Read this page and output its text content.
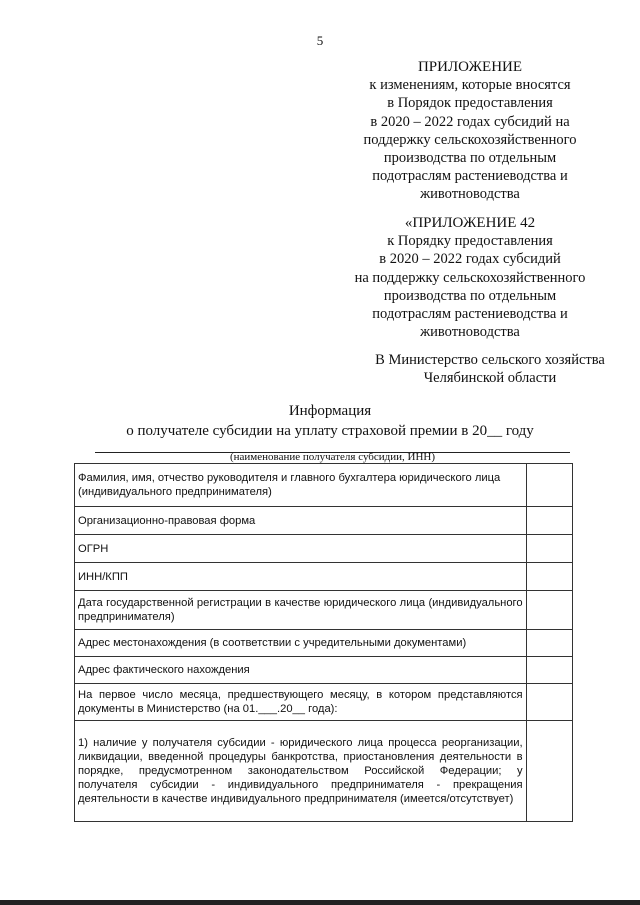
5
ПРИЛОЖЕНИЕ
к изменениям, которые вносятся
в Порядок предоставления
в 2020 – 2022 годах субсидий на
поддержку сельскохозяйственного
производства по отдельным
подотраслям растениеводства и
животноводства
«ПРИЛОЖЕНИЕ 42
к Порядку предоставления
в 2020 – 2022 годах субсидий
на поддержку сельскохозяйственного
производства по отдельным
подотраслям растениеводства и
животноводства
В Министерство сельского хозяйства
Челябинской области
Информация
о получателе субсидии на уплату страховой премии в 20__ году
(наименование получателя субсидии, ИНН)
Фамилия, имя, отчество руководителя и главного бухгалтера юридического лица (индивидуального предпринимателя)	
Организационно-правовая форма	
ОГРН	
ИНН/КПП	
Дата государственной регистрации в качестве юридического лица (индивидуального предпринимателя)	
Адрес местонахождения (в соответствии с учредительными документами)	
Адрес фактического нахождения	
На первое число месяца, предшествующего месяцу, в котором представляются документы в Министерство (на 01.___.20__ года):	
1) наличие у получателя субсидии - юридического лица процесса реорганизации, ликвидации, введенной процедуры банкротства, приостановления деятельности в порядке, предусмотренном законодательством Российской Федерации; у получателя субсидии - индивидуального предпринимателя - прекращения деятельности в качестве индивидуального предпринимателя (имеется/отсутствует)	
